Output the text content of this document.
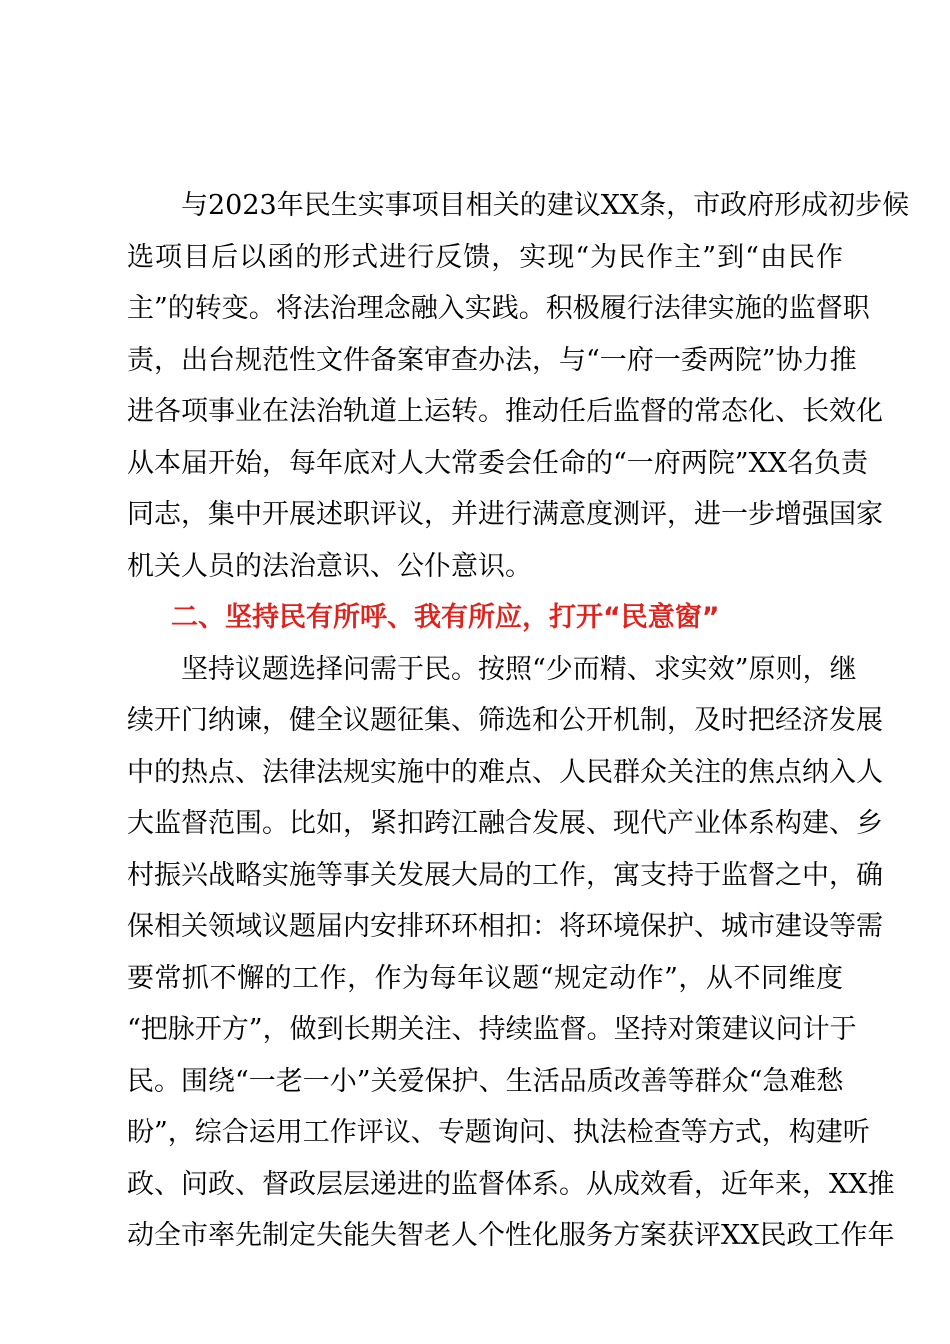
与2023年民生实事项目相关的建议XX条，市政府形成初步候
选项目后以函的形式进行反馈，实现“为民作主”到“由民作
主”的转变。将法治理念融入实践。积极履行法律实施的监督职
责，出台规范性文件备案审查办法，与“一府一委两院”协力推
进各项事业在法治轨道上运转。推动任后监督的常态化、长效化
从本届开始，每年底对人大常委会任命的“一府两院”XX名负责
同志，集中开展述职评议，并进行满意度测评，进一步增强国家
机关人员的法治意识、公仆意识。
二、坚持民有所呼、我有所应，打开“民意窗”
坚持议题选择问需于民。按照“少而精、求实效”原则，继
续开门纳谏，健全议题征集、筛选和公开机制，及时把经济发展
中的热点、法律法规实施中的难点、人民群众关注的焦点纳入人
大监督范围。比如，紧扣跨江融合发展、现代产业体系构建、乡
村振兴战略实施等事关发展大局的工作，寓支持于监督之中，确
保相关领域议题届内安排环环相扣：将环境保护、城市建设等需
要常抓不懈的工作，作为每年议题“规定动作”，从不同维度
“把脉开方”，做到长期关注、持续监督。坚持对策建议问计于
民。围绕“一老一小”关爱保护、生活品质改善等群众“急难愁
盼”，综合运用工作评议、专题询问、执法检查等方式，构建听
政、问政、督政层层递进的监督体系。从成效看，近年来，XX推
动全市率先制定失能失智老人个性化服务方案获评XX民政工作年
